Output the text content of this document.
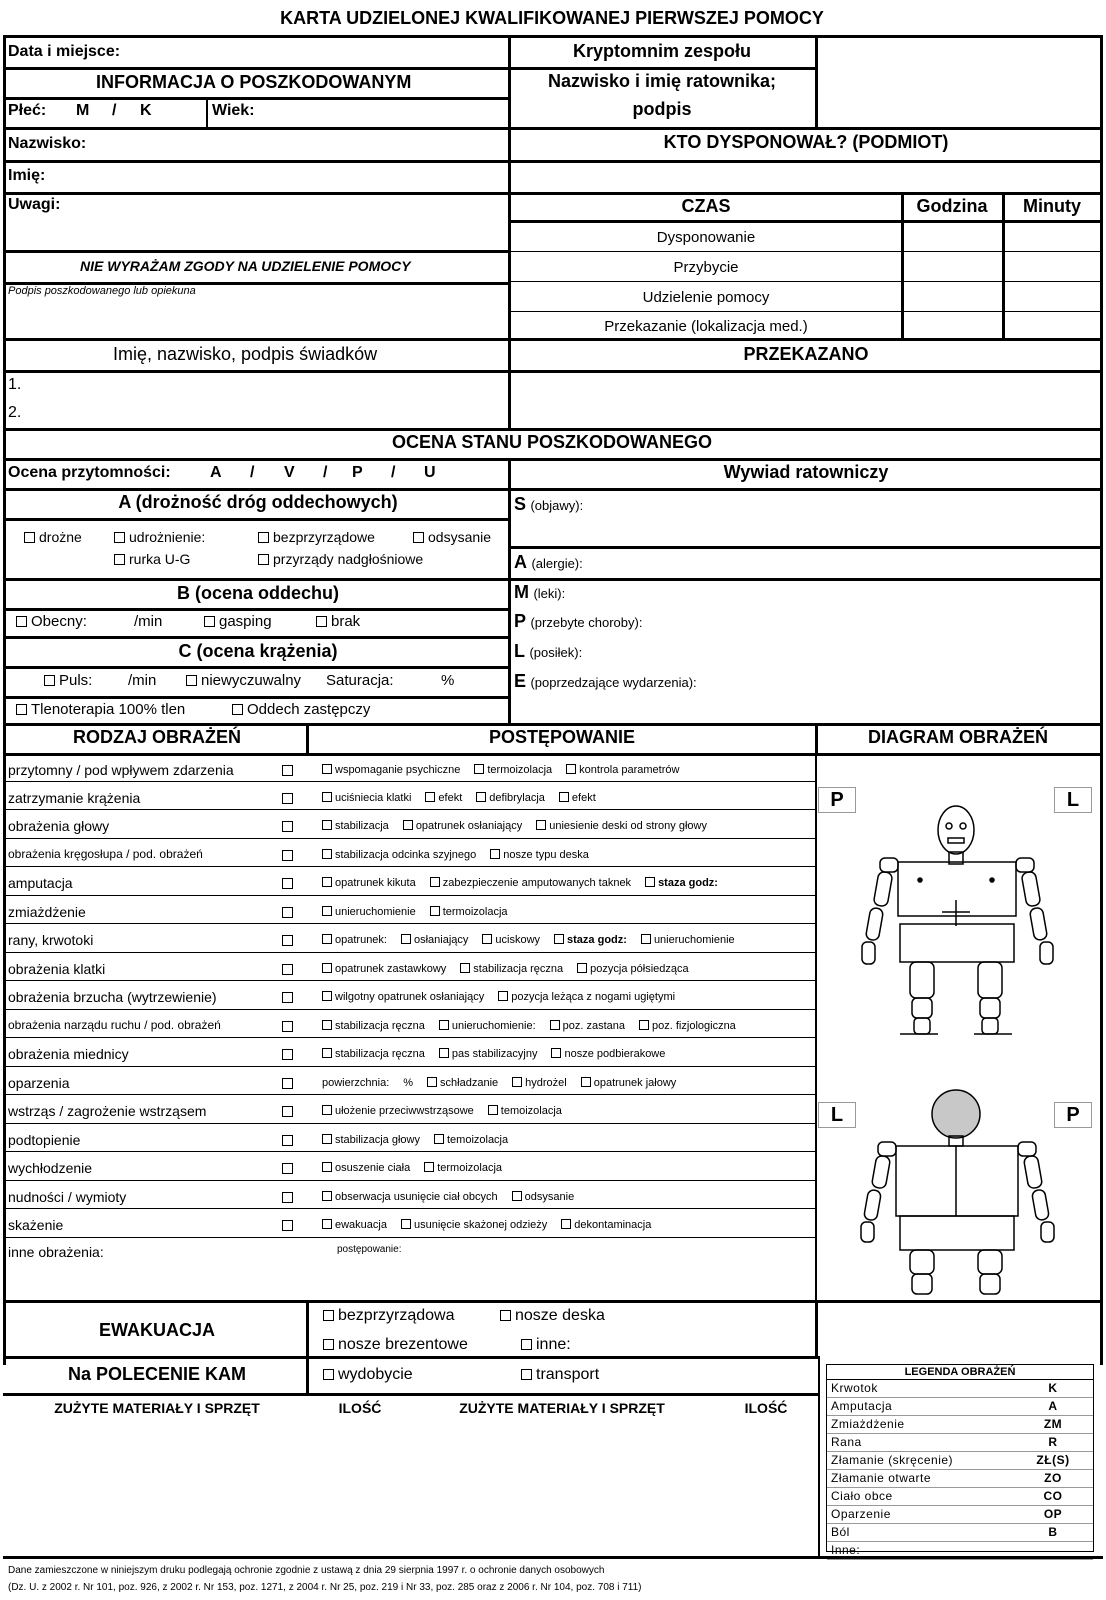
KARTA UDZIELONEJ KWALIFIKOWANEJ PIERWSZEJ POMOCY
Data i miejsce:
INFORMACJA O POSZKODOWANYM
Płeć: M / K	Wiek:
Nazwisko:
Imię:
Uwagi:
NIE WYRAŻAM ZGODY NA UDZIELENIE POMOCY
Podpis poszkodowanego lub opiekuna
Imię, nazwisko, podpis świadków
1.
2.
Kryptomnim zespołu
Nazwisko i imię ratownika;
podpis
KTO DYSPONOWAŁ? (PODMIOT)
CZAS	Godzina Minuty
Dysponowanie
Przybycie
Udzielenie pomocy
Przekazanie (lokalizacja med.)
PRZEKAZANO
OCENA STANU POSZKODOWANEGO
Ocena przytomności: A / V / P / U
A (drożność dróg oddechowych)
drożne	udrożnienie:	bezprzyrządowe	odsysanie
rurka U-G	przyrządy nadgłośniowe
B (ocena oddechu)
Obecny:	/min	gasping	brak
C (ocena krążenia)
Puls: /min	niewyczuwalny Saturacja:	%
Tlenoterapia 100% tlen	Oddech zastępczy
Wywiad ratowniczy
S (objawy):
A (alergie):
M (leki):
P (przebyte choroby):
L (posiłek):
E (poprzedzające wydarzenia):
RODZAJ OBRAŻEŃ	POSTĘPOWANIE	DIAGRAM OBRAŻEŃ
przytomny / pod wpływem zdarzenia	wspomaganie psychiczne	termoizolacja	kontrola parametrów
zatrzymanie krążenia	uciśniecia klatki	efekt	defibrylacja	efekt
obrażenia głowy	stabilizacja	opatrunek osłaniający	uniesienie deski od strony głowy
obrażenia kręgosłupa / pod. obrażeń	stabilizacja odcinka szyjnego	nosze typu deska
amputacja	opatrunek kikuta	zabezpieczenie amputowanych taknek	staza godz:
zmiażdżenie	unieruchomienie	termoizolacja
rany, krwotoki	opatrunek:	osłaniający	uciskowy	staza godz:	unieruchomienie
obrażenia klatki	opatrunek zastawkowy	stabilizacja ręczna	pozycja półsiedząca
obrażenia brzucha (wytrzewienie)	wilgotny opatrunek osłaniający	pozycja leżąca z nogami ugiętymi
obrażenia narządu ruchu / pod. obrażeń	stabilizacja ręczna	unieruchomienie:	poz. zastana	poz. fizjologiczna
obrażenia miednicy	stabilizacja ręczna	pas stabilizacyjny	nosze podbierakowe
oparzenia	powierzchnia: %	schładzanie	hydrożel	opatrunek jałowy
wstrząs / zagrożenie wstrząsem	ułożenie przeciwwstrząsowe	temoizolacja
podtopienie	stabilizacja głowy	temoizolacja
wychłodzenie	osuszenie ciała	termoizolacja
nudności / wymioty	obserwacja usunięcie ciał obcych	odsysanie
skażenie	ewakuacja	usunięcie skażonej odzieży	dekontaminacja
inne obrażenia:	postępowanie:
P	L
L	P
EWAKUACJA
Na POLECENIE KAM
bezprzyrządowa	nosze deska
nosze brezentowe	inne:
wydobycie	transport
ZUŻYTE MATERIAŁY I SPRZĘT	ILOŚĆ	ZUŻYTE MATERIAŁY I SPRZĘT	ILOŚĆ
LEGENDA OBRAŻEŃ
Krwotok	K
Amputacja	A
Zmiażdżenie	ZM
Rana	R
Złamanie (skręcenie)	ZŁ(S)
Złamanie otwarte	ZO
Ciało obce	CO
Oparzenie	OP
Ból	B
Inne:
Dane zamieszczone w niniejszym druku podlegają ochronie zgodnie z ustawą z dnia 29 sierpnia 1997 r. o ochronie danych osobowych
(Dz. U. z 2002 r. Nr 101, poz. 926, z 2002 r. Nr 153, poz. 1271, z 2004 r. Nr 25, poz. 219 i Nr 33, poz. 285 oraz z 2006 r. Nr 104, poz. 708 i 711)
